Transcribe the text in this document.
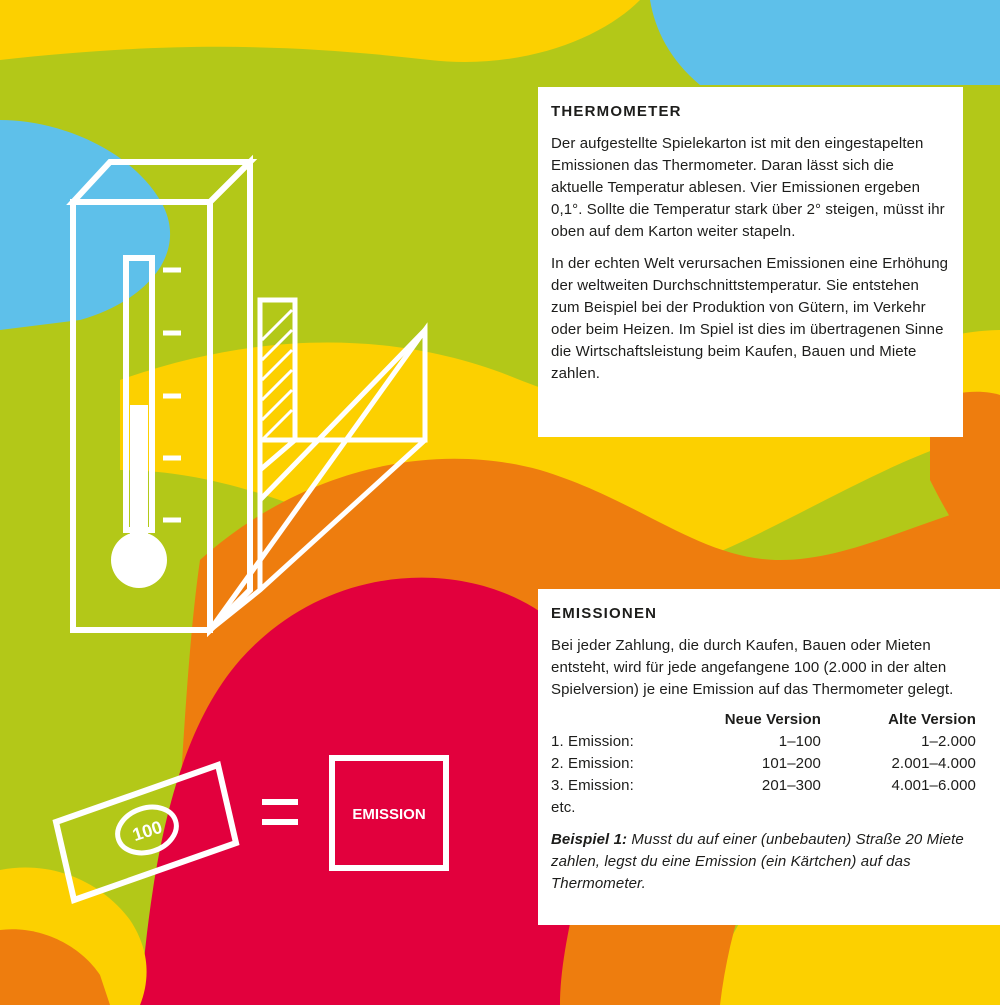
100
EMISSION
THERMOMETER

Der aufgestellte Spielekarton ist mit den eingestapelten Emissionen das Thermometer. Daran lässt sich die aktuelle Temperatur ablesen. Vier Emissionen ergeben 0,1°. Sollte die Temperatur stark über 2° steigen, müsst ihr oben auf dem Karton weiter stapeln.

In der echten Welt verursachen Emissionen eine Erhöhung der weltweiten Durchschnittstemperatur. Sie entstehen zum Beispiel bei der Produktion von Gütern, im Verkehr oder beim Heizen. Im Spiel ist dies im übertragenen Sinne die Wirtschaftsleistung beim Kaufen, Bauen und Miete zahlen.

EMISSIONEN

Bei jeder Zahlung, die durch Kaufen, Bauen oder Mieten entsteht, wird für jede angefangene 100 (2.000 in der alten Spielversion) je eine Emission auf das Thermometer gelegt.

	Neue Version	Alte Version
1. Emission:	1–100	1–2.000
2. Emission:	101–200	2.001–4.000
3. Emission:	201–300	4.001–6.000
etc.		
Beispiel 1: Musst du auf einer (unbebauten) Straße 20 Miete zahlen, legst du eine Emission (ein Kärtchen) auf das Thermometer.
